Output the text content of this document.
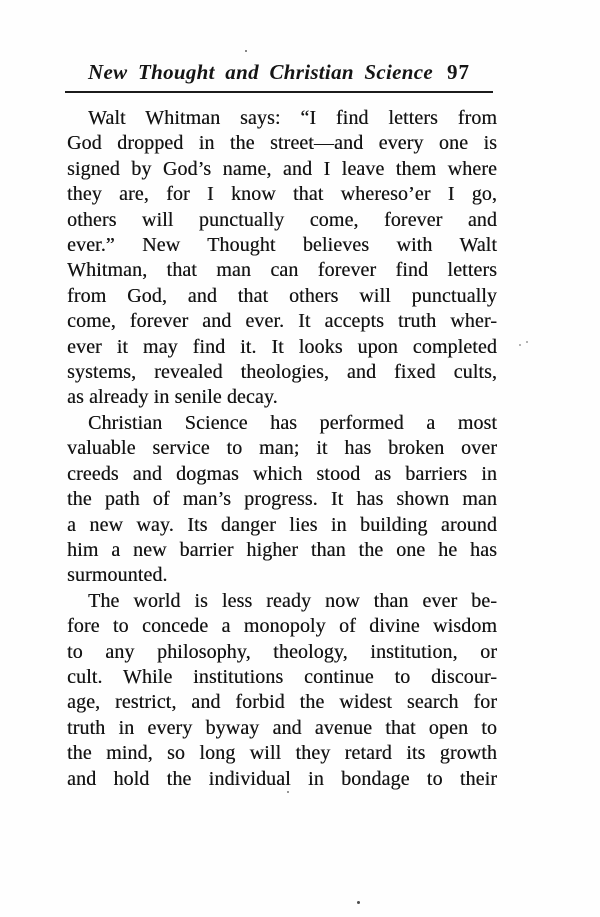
New Thought and Christian Science 97
Walt Whitman says: “I find letters from
God dropped in the street—and every one is
signed by God’s name, and I leave them where
they are, for I know that whereso’er I go,
others will punctually come, forever and
ever.” New Thought believes with Walt
Whitman, that man can forever find letters
from God, and that others will punctually
come, forever and ever. It accepts truth wher-
ever it may find it. It looks upon completed
systems, revealed theologies, and fixed cults,
as already in senile decay.
Christian Science has performed a most
valuable service to man; it has broken over
creeds and dogmas which stood as barriers in
the path of man’s progress. It has shown man
a new way. Its danger lies in building around
him a new barrier higher than the one he has
surmounted.
The world is less ready now than ever be-
fore to concede a monopoly of divine wisdom
to any philosophy, theology, institution, or
cult. While institutions continue to discour-
age, restrict, and forbid the widest search for
truth in every byway and avenue that open to
the mind, so long will they retard its growth
and hold the individual in bondage to their
